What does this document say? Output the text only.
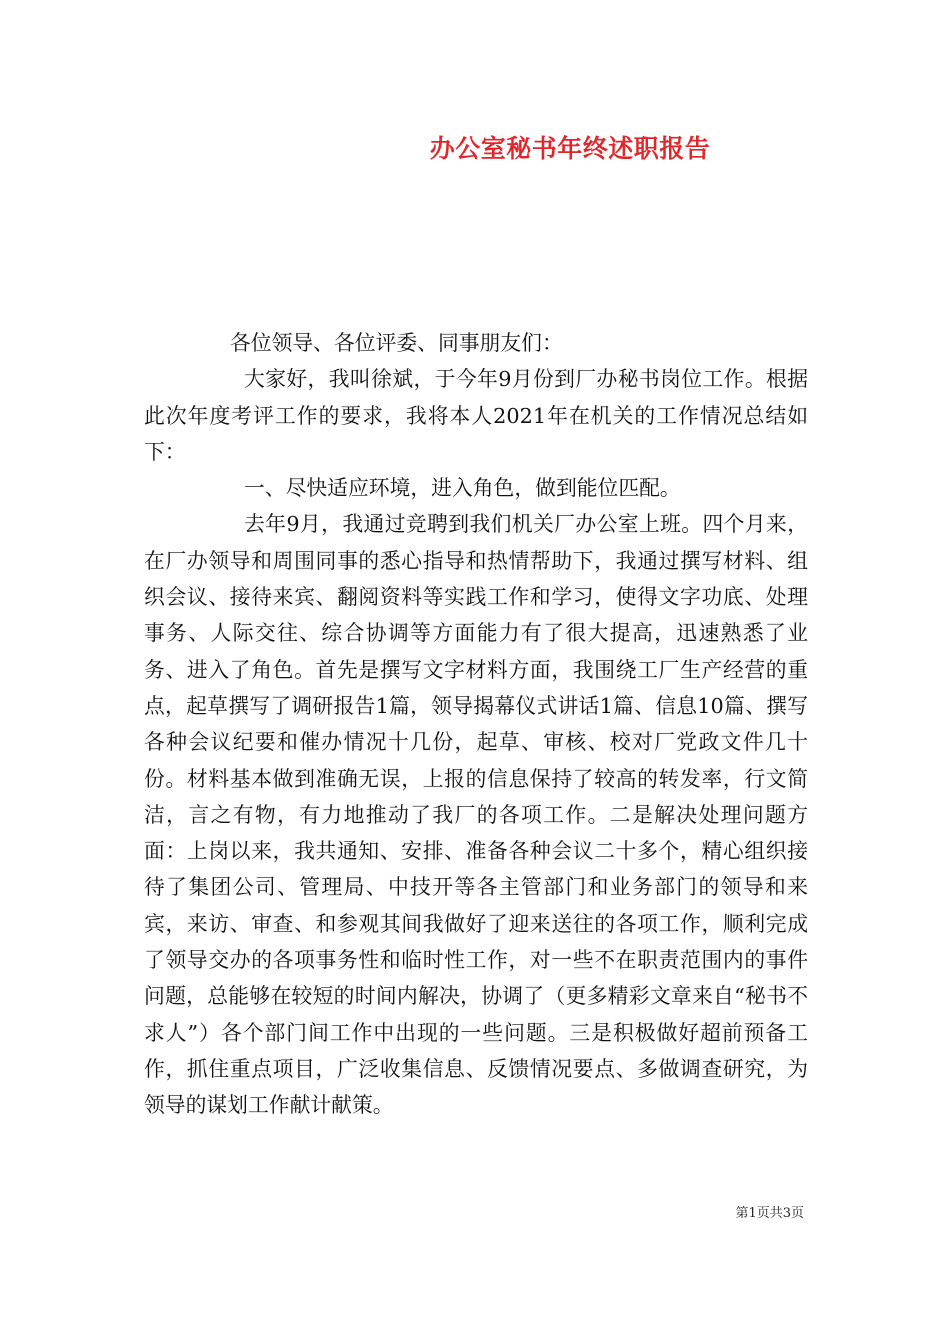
办公室秘书年终述职报告

各位领导、各位评委、同事朋友们：

大家好，我叫徐斌，于今年9月份到厂办秘书岗位工作。根据此次年度考评工作的要求，我将本人2021年在机关的工作情况总结如下：

一、尽快适应环境，进入角色，做到能位匹配。

去年9月，我通过竞聘到我们机关厂办公室上班。四个月来，在厂办领导和周围同事的悉心指导和热情帮助下，我通过撰写材料、组织会议、接待来宾、翻阅资料等实践工作和学习，使得文字功底、处理事务、人际交往、综合协调等方面能力有了很大提高，迅速熟悉了业务、进入了角色。首先是撰写文字材料方面，我围绕工厂生产经营的重点，起草撰写了调研报告1篇，领导揭幕仪式讲话1篇、信息10篇、撰写各种会议纪要和催办情况十几份，起草、审核、校对厂党政文件几十份。材料基本做到准确无误，上报的信息保持了较高的转发率，行文简洁，言之有物，有力地推动了我厂的各项工作。二是解决处理问题方面：上岗以来，我共通知、安排、准备各种会议二十多个，精心组织接待了集团公司、管理局、中技开等各主管部门和业务部门的领导和来宾，来访、审查、和参观其间我做好了迎来送往的各项工作，顺利完成了领导交办的各项事务性和临时性工作，对一些不在职责范围内的事件问题，总能够在较短的时间内解决，协调了（更多精彩文章来自“秘书不求人”）各个部门间工作中出现的一些问题。三是积极做好超前预备工作，抓住重点项目，广泛收集信息、反馈情况要点、多做调查研究，为领导的谋划工作献计献策。

第1页共3页
